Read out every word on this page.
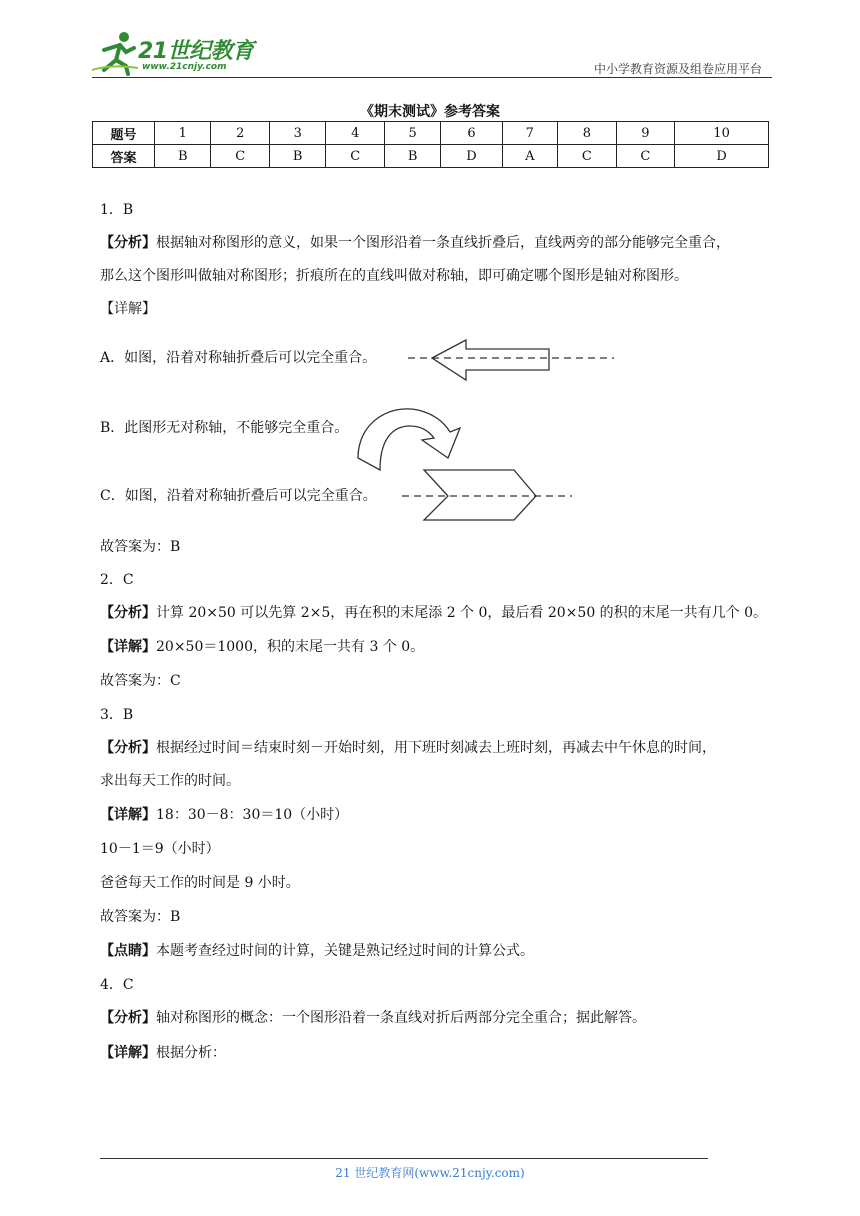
21世纪教育
www.21cnjy.com	中小学教育资源及组卷应用平台
《期末测试》参考答案
题号	1	2	3	4	5	6	7	8	9	10
答案	B	C	B	C	B	D	A	C	C	D
1．B
【分析】根据轴对称图形的意义，如果一个图形沿着一条直线折叠后，直线两旁的部分能够完全重合，
那么这个图形叫做轴对称图形；折痕所在的直线叫做对称轴，即可确定哪个图形是轴对称图形。
【详解】
A．如图，沿着对称轴折叠后可以完全重合。
B．此图形无对称轴，不能够完全重合。
C．如图，沿着对称轴折叠后可以完全重合。
故答案为：B
2．C
【分析】计算 20×50 可以先算 2×5，再在积的末尾添 2 个 0，最后看 20×50 的积的末尾一共有几个 0。
【详解】20×50＝1000，积的末尾一共有 3 个 0。
故答案为：C
3．B
【分析】根据经过时间＝结束时刻－开始时刻，用下班时刻减去上班时刻，再减去中午休息的时间，
求出每天工作的时间。
【详解】18：30－8：30＝10（小时）
10－1＝9（小时）
爸爸每天工作的时间是 9 小时。
故答案为：B
【点睛】本题考查经过时间的计算，关键是熟记经过时间的计算公式。
4．C
【分析】轴对称图形的概念：一个图形沿着一条直线对折后两部分完全重合；据此解答。
【详解】根据分析：
21 世纪教育网(www.21cnjy.com)
